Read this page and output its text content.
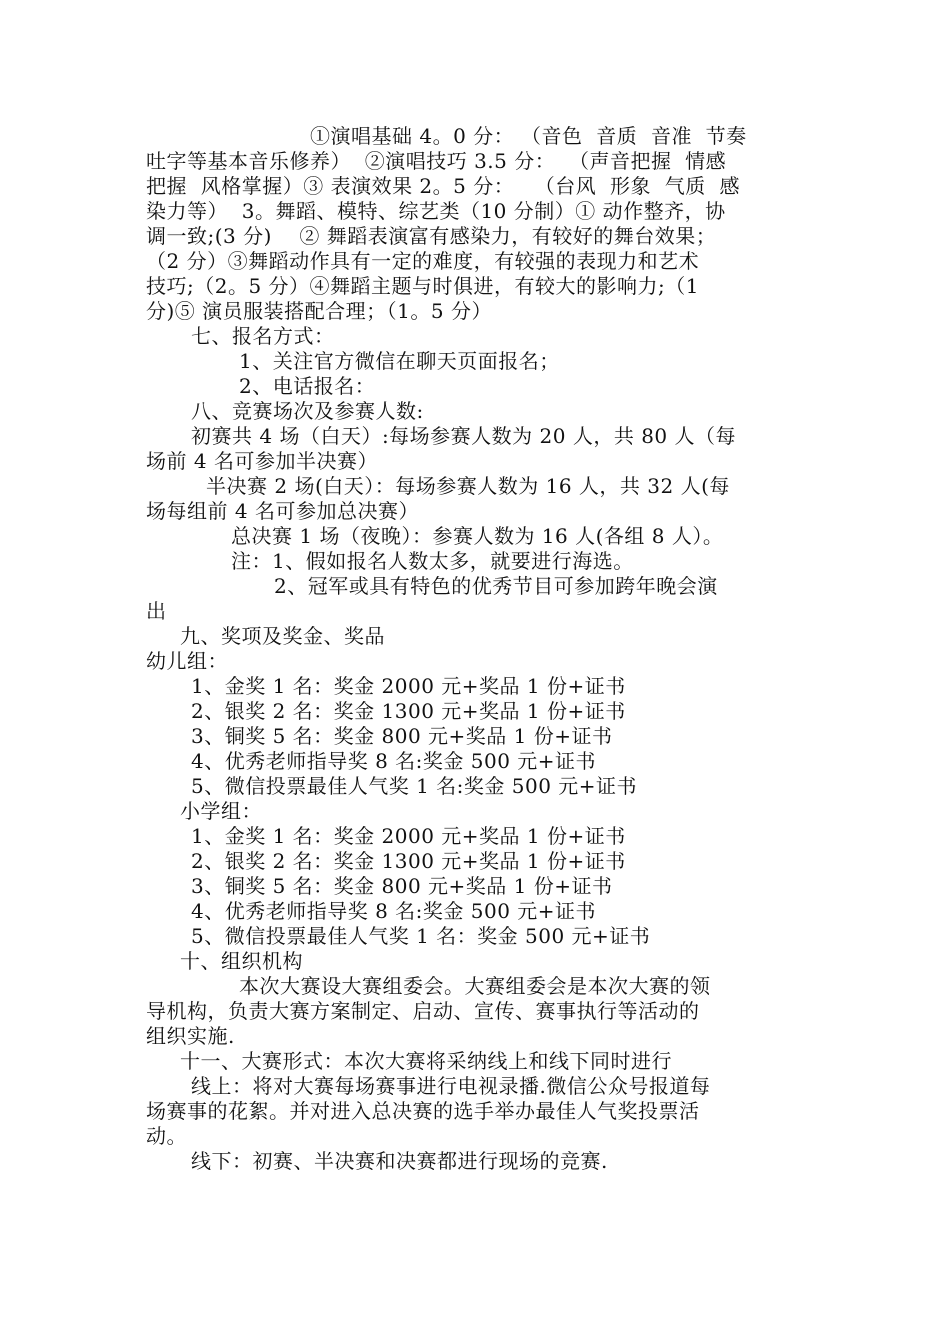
①演唱基础 4。0 分： （音色  音质  音准  节奏
吐字等基本音乐修养）  ②演唱技巧 3.5 分：  （声音把握  情感
把握  风格掌握）③ 表演效果 2。5 分：   （台风  形象  气质  感
染力等）  3。舞蹈、模特、综艺类（10 分制）① 动作整齐，协
调一致;(3 分)    ② 舞蹈表演富有感染力，有较好的舞台效果；
（2 分）③舞蹈动作具有一定的难度，有较强的表现力和艺术
技巧;（2。5 分）④舞蹈主题与时俱进，有较大的影响力;（1
分)⑤ 演员服装搭配合理；（1。5 分）
七、报名方式：
1、关注官方微信在聊天页面报名；
2、电话报名：
八、竞赛场次及参赛人数:
初赛共 4 场（白天）:每场参赛人数为 20 人，共 80 人（每
场前 4 名可参加半决赛）
半决赛 2 场(白天）：每场参赛人数为 16 人，共 32 人(每
场每组前 4 名可参加总决赛）
总决赛 1 场（夜晚）：参赛人数为 16 人(各组 8 人）。
注：1、假如报名人数太多，就要进行海选。
2、冠军或具有特色的优秀节目可参加跨年晚会演
出
九、奖项及奖金、奖品
幼儿组：
1、金奖 1 名：奖金 2000 元+奖品 1 份+证书
2、银奖 2 名：奖金 1300 元+奖品 1 份+证书
3、铜奖 5 名：奖金 800 元+奖品 1 份+证书
4、优秀老师指导奖 8 名:奖金 500 元+证书
5、微信投票最佳人气奖 1 名:奖金 500 元+证书
小学组：
1、金奖 1 名：奖金 2000 元+奖品 1 份+证书
2、银奖 2 名：奖金 1300 元+奖品 1 份+证书
3、铜奖 5 名：奖金 800 元+奖品 1 份+证书
4、优秀老师指导奖 8 名:奖金 500 元+证书
5、微信投票最佳人气奖 1 名：奖金 500 元+证书
十、组织机构
本次大赛设大赛组委会。大赛组委会是本次大赛的领
导机构，负责大赛方案制定、启动、宣传、赛事执行等活动的
组织实施.
十一、大赛形式：本次大赛将采纳线上和线下同时进行
线上：将对大赛每场赛事进行电视录播.微信公众号报道每
场赛事的花絮。并对进入总决赛的选手举办最佳人气奖投票活
动。
线下：初赛、半决赛和决赛都进行现场的竞赛.
